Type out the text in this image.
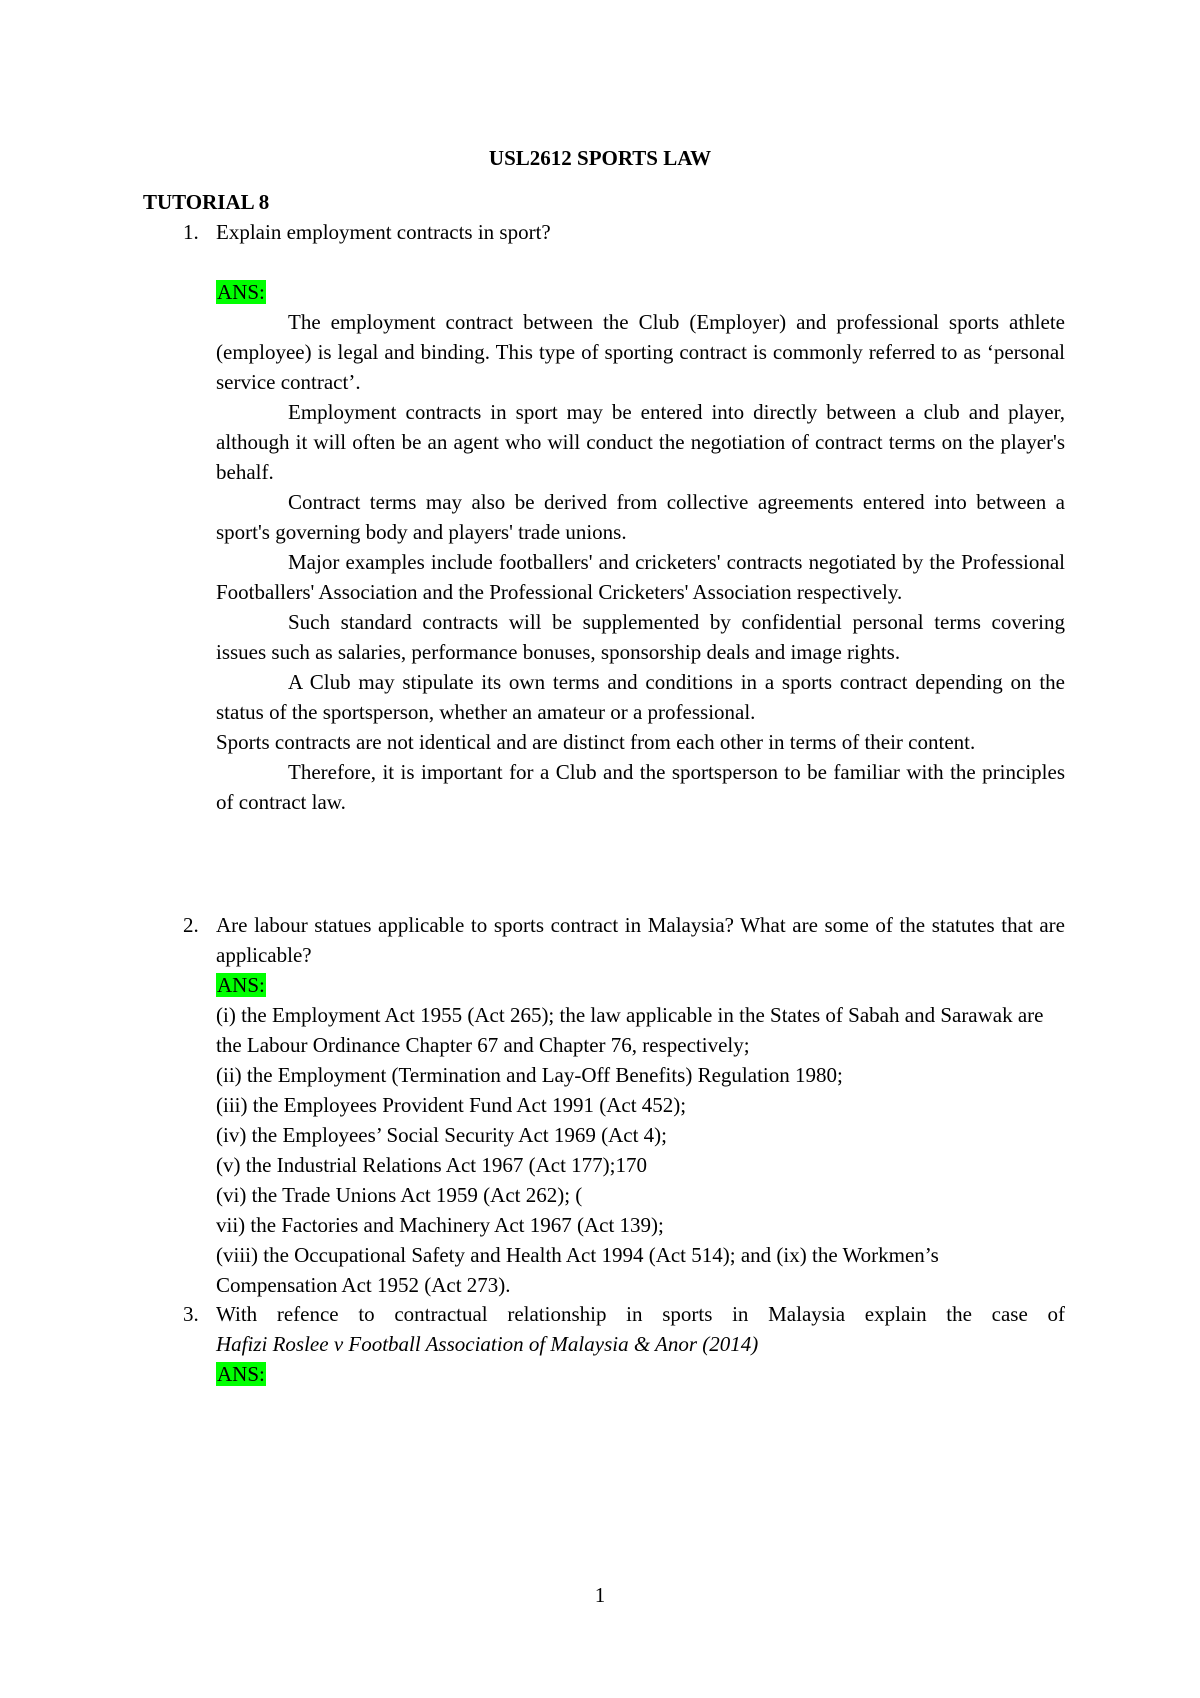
USL2612 SPORTS LAW

TUTORIAL 8

1. Explain employment contracts in sport?

ANS:

The employment contract between the Club (Employer) and professional sports athlete (employee) is legal and binding. This type of sporting contract is commonly referred to as ‘personal service contract’.

Employment contracts in sport may be entered into directly between a club and player, although it will often be an agent who will conduct the negotiation of contract terms on the player's behalf.

Contract terms may also be derived from collective agreements entered into between a sport's governing body and players' trade unions.

Major examples include footballers' and cricketers' contracts negotiated by the Professional Footballers' Association and the Professional Cricketers' Association respectively.

Such standard contracts will be supplemented by confidential personal terms covering issues such as salaries, performance bonuses, sponsorship deals and image rights.

A Club may stipulate its own terms and conditions in a sports contract depending on the status of the sportsperson, whether an amateur or a professional.

Sports contracts are not identical and are distinct from each other in terms of their content.

Therefore, it is important for a Club and the sportsperson to be familiar with the principles of contract law.

2. Are labour statues applicable to sports contract in Malaysia? What are some of the statutes that are applicable?

ANS:

(i) the Employment Act 1955 (Act 265); the law applicable in the States of Sabah and Sarawak are the Labour Ordinance Chapter 67 and Chapter 76, respectively;

(ii) the Employment (Termination and Lay-Off Benefits) Regulation 1980;

(iii) the Employees Provident Fund Act 1991 (Act 452);

(iv) the Employees’ Social Security Act 1969 (Act 4);

(v) the Industrial Relations Act 1967 (Act 177);170

(vi) the Trade Unions Act 1959 (Act 262); (

vii) the Factories and Machinery Act 1967 (Act 139);

(viii) the Occupational Safety and Health Act 1994 (Act 514); and (ix) the Workmen’s Compensation Act 1952 (Act 273).

3. With refence to contractual relationship in sports in Malaysia explain the case of

Hafizi Roslee v Football Association of Malaysia & Anor (2014)

ANS:

1
